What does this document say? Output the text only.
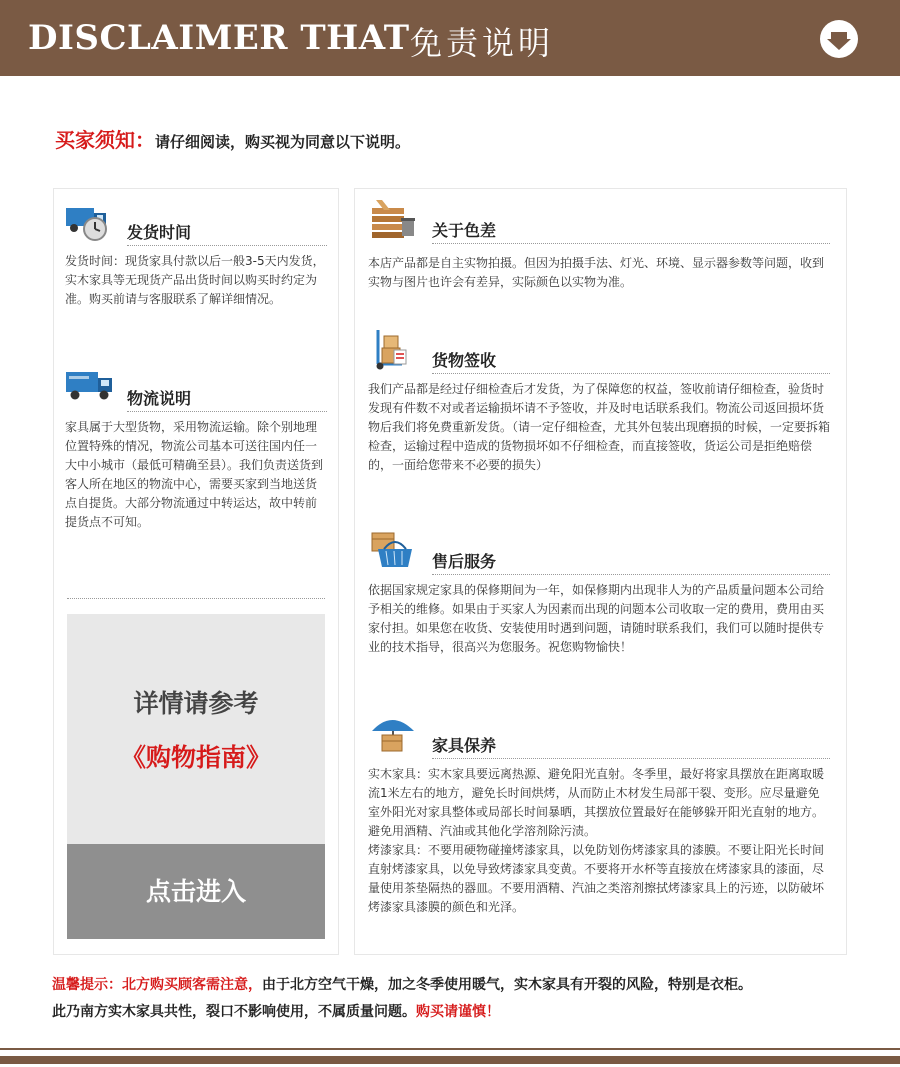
DISCLAIMER THAT 免责说明
买家须知：请仔细阅读，购买视为同意以下说明。
发货时间
发货时间：现货家具付款以后一般3-5天内发货，实木家具等无现货产品出货时间以购买时约定为准。购买前请与客服联系了解详细情况。
物流说明
家具属于大型货物，采用物流运输。除个别地理位置特殊的情况，物流公司基本可送往国内任一大中小城市（最低可精确至县）。我们负责送货到客人所在地区的物流中心，需要买家到当地送货点自提货。大部分物流通过中转运达，故中转前提货点不可知。
详情请参考
《购物指南》
点击进入
关于色差
本店产品都是自主实物拍摄。但因为拍摄手法、灯光、环境、显示器参数等问题，收到实物与图片也许会有差异，实际颜色以实物为准。
货物签收
我们产品都是经过仔细检查后才发货，为了保障您的权益，签收前请仔细检查，验货时发现有件数不对或者运输损坏请不予签收，并及时电话联系我们。物流公司返回损坏货物后我们将免费重新发货。（请一定仔细检查，尤其外包装出现磨损的时候，一定要拆箱检查，运输过程中造成的货物损坏如不仔细检查，而直接签收，货运公司是拒绝赔偿的，一面给您带来不必要的损失）
售后服务
依据国家规定家具的保修期间为一年，如保修期内出现非人为的产品质量问题本公司给予相关的维修。如果由于买家人为因素而出现的问题本公司收取一定的费用，费用由买家付担。如果您在收货、安装使用时遇到问题，请随时联系我们，我们可以随时提供专业的技术指导，很高兴为您服务。祝您购物愉快！
家具保养
实木家具：实木家具要远离热源、避免阳光直射。冬季里，最好将家具摆放在距离取暖流1米左右的地方，避免长时间烘烤，从而防止木材发生局部干裂、变形。应尽量避免室外阳光对家具整体或局部长时间暴晒，其摆放位置最好在能够躲开阳光直射的地方。避免用酒精、汽油或其他化学溶剂除污渍。
烤漆家具：不要用硬物碰撞烤漆家具，以免防划伤烤漆家具的漆膜。不要让阳光长时间直射烤漆家具，以免导致烤漆家具变黄。不要将开水杯等直接放在烤漆家具的漆面，尽量使用茶垫隔热的器皿。不要用酒精、汽油之类溶剂擦拭烤漆家具上的污迹，以防破坏烤漆家具漆膜的颜色和光泽。
温馨提示：北方购买顾客需注意，由于北方空气干燥，加之冬季使用暖气，实木家具有开裂的风险，特别是衣柜。
此乃南方实木家具共性，裂口不影响使用，不属质量问题。购买请谨慎！
